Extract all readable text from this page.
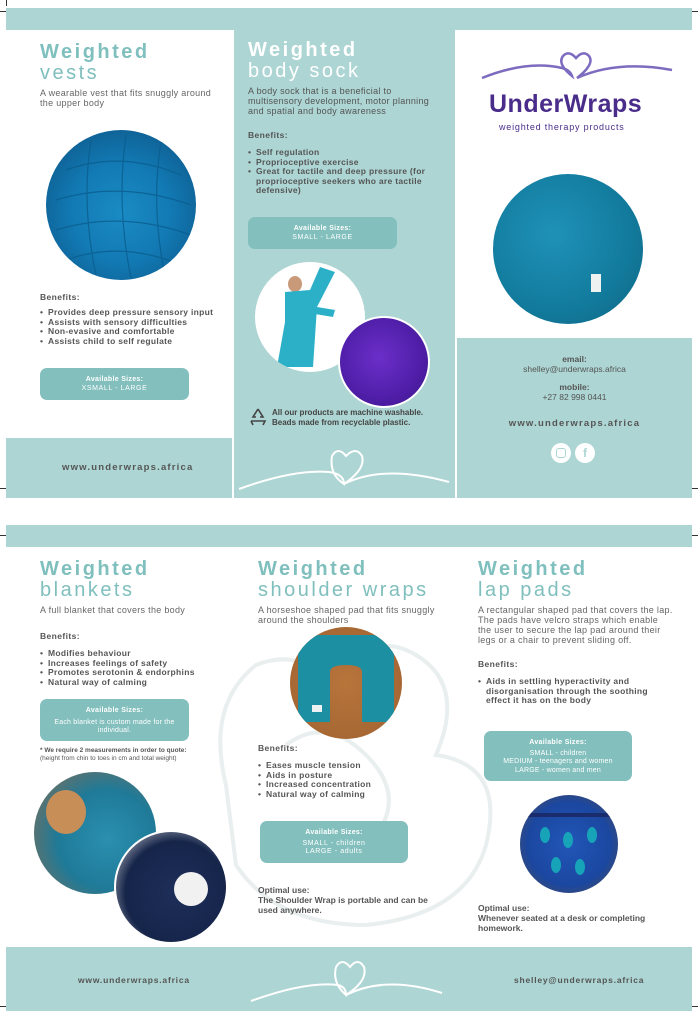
Weighted
vests
A wearable vest that fits snuggly around the upper body
Benefits:
• Provides deep pressure sensory input
• Assists with sensory difficulties
• Non-evasive and comfortable
• Assists child to self regulate
Available Sizes:
XSMALL - LARGE
www.underwraps.africa
Weighted
body sock
A body sock that is a beneficial to multisensory development, motor planning and spatial and body awareness
Benefits:
• Self regulation
• Proprioceptive exercise
• Great for tactile and deep pressure (for proprioceptive seekers who are tactile defensive)
Available Sizes:
SMALL - LARGE
All our products are machine washable.
Beads made from recyclable plastic.
UnderWraps
weighted therapy products
email:
shelley@underwraps.africa
mobile:
+27 82 998 0441
www.underwraps.africa
f
Weighted
blankets
A full blanket that covers the body
Benefits:
• Modifies behaviour
• Increases feelings of safety
• Promotes serotonin & endorphins
• Natural way of calming
Available Sizes:
Each blanket is custom made for the individual.
* We require 2 measurements in order to quote:
(height from chin to toes in cm and total weight)
Weighted
shoulder wraps
A horseshoe shaped pad that fits snuggly around the shoulders
Benefits:
• Eases muscle tension
• Aids in posture
• Increased concentration
• Natural way of calming
Available Sizes:
SMALL - children
LARGE - adults
Optimal use:
The Shoulder Wrap is portable and can be used anywhere.
Weighted
lap pads
A rectangular shaped pad that covers the lap. The pads have velcro straps which enable the user to secure the lap pad around their legs or a chair to prevent sliding off.
Benefits:
• Aids in settling hyperactivity and disorganisation through the soothing effect it has on the body
Available Sizes:
SMALL - children
MEDIUM - teenagers and women
LARGE - women and men
Optimal use:
Whenever seated at a desk or completing homework.
www.underwraps.africa	shelley@underwraps.africa
